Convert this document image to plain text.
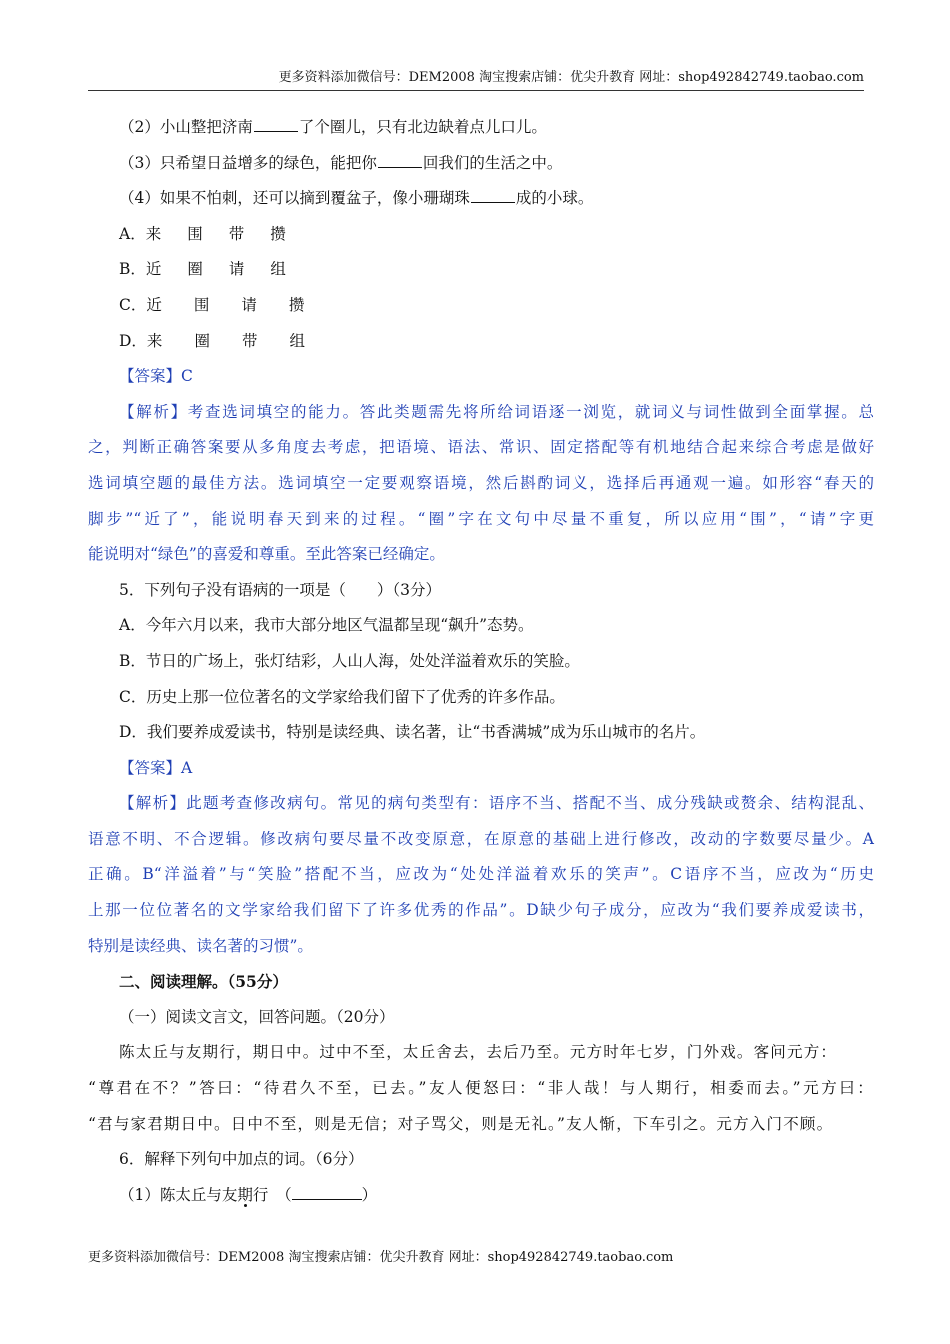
更多资料添加微信号：DEM2008 淘宝搜索店铺：优尖升教育 网址：shop492842749.taobao.com
（2）小山整把济南	了个圈儿，只有北边缺着点儿口儿。
（3）只希望日益增多的绿色，能把你	回我们的生活之中。
（4）如果不怕刺，还可以摘到覆盆子，像小珊瑚珠	成的小球。
A．来 围 带 攒
B．近 圈 请 组
C．近 围 请 攒
D．来 圈 带 组
【答案】C
【解析】考查选词填空的能力。答此类题需先将所给词语逐一浏览，就词义与词性做到全面掌握。总
之，判断正确答案要从多角度去考虑，把语境、语法、常识、固定搭配等有机地结合起来综合考虑是做好
选词填空题的最佳方法。选词填空一定要观察语境，然后斟酌词义，选择后再通观一遍。如形容“春天的
脚步”“近了”，能说明春天到来的过程。“圈”字在文句中尽量不重复，所以应用“围”，“请”字更
能说明对“绿色”的喜爱和尊重。至此答案已经确定。
5．下列句子没有语病的一项是（　　）（3分）
A．今年六月以来，我市大部分地区气温都呈现“飙升”态势。
B．节日的广场上，张灯结彩，人山人海，处处洋溢着欢乐的笑脸。
C．历史上那一位位著名的文学家给我们留下了优秀的许多作品。
D．我们要养成爱读书，特别是读经典、读名著，让“书香满城”成为乐山城市的名片。
【答案】A
【解析】此题考查修改病句。常见的病句类型有：语序不当、搭配不当、成分残缺或赘余、结构混乱、
语意不明、不合逻辑。修改病句要尽量不改变原意，在原意的基础上进行修改，改动的字数要尽量少。A
正确。B“洋溢着”与“笑脸”搭配不当，应改为“处处洋溢着欢乐的笑声”。C语序不当，应改为“历史
上那一位位著名的文学家给我们留下了许多优秀的作品”。D缺少句子成分，应改为“我们要养成爱读书，
特别是读经典、读名著的习惯”。
二、阅读理解。（55分）
（一）阅读文言文，回答问题。（20分）
陈太丘与友期行，期日中。过中不至，太丘舍去，去后乃至。元方时年七岁，门外戏。客问元方：
“尊君在不？”答曰：“待君久不至，已去。”友人便怒曰：“非人哉！与人期行，相委而去。”元方曰：
“君与家君期日中。日中不至，则是无信；对子骂父，则是无礼。”友人惭，下车引之。元方入门不顾。
6．解释下列句中加点的词。（6分）
（1）陈太丘与友期行　（	）
更多资料添加微信号：DEM2008 淘宝搜索店铺：优尖升教育 网址：shop492842749.taobao.com
